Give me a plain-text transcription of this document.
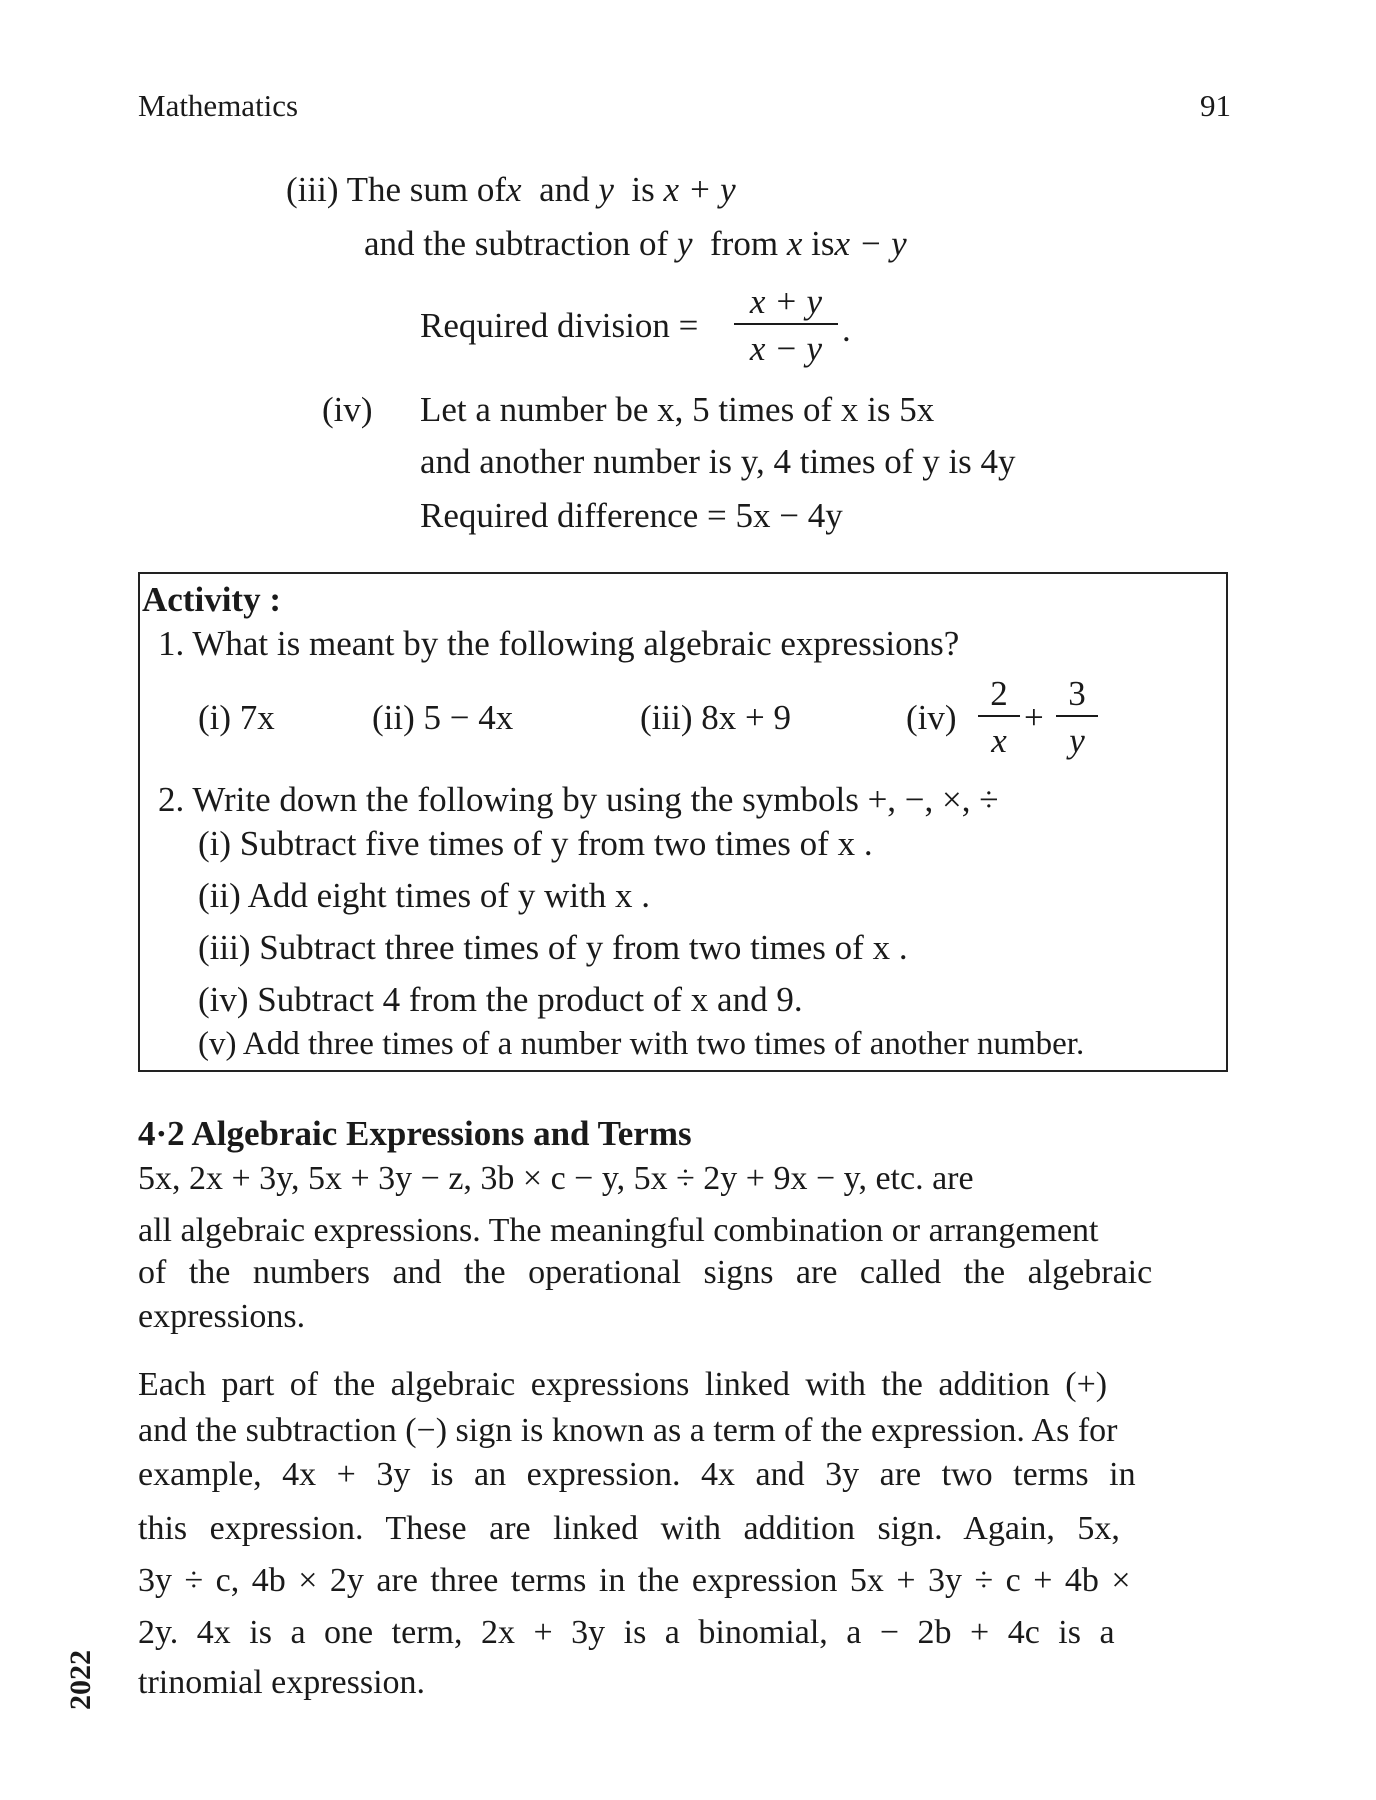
Mathematics	91
(iii) The sum ofx and y is x + y
and the subtraction of y from x isx − y
Required division = $\frac{x + y}{x - y}$ .
(iv) Let a number be x, 5 times of x is 5x
and another number is y, 4 times of y is 4y
Required difference = 5x − 4y
Activity :
1. What is meant by the following algebraic expressions?
(i) 7x	(ii) 5 − 4x	(iii) 8x + 9	$(iv) \frac{2}{x} + \frac{3}{y}$
2. Write down the following by using the symbols +, −, ×, ÷
(i) Subtract five times of y from two times of x .
(ii) Add eight times of y with x .
(iii) Subtract three times of y from two times of x .
(iv) Subtract 4 from the product of x and 9.
(v) Add three times of a number with two times of another number.
4·2 Algebraic Expressions and Terms
5x, 2x + 3y, 5x + 3y − z, 3b × c − y, 5x ÷ 2y + 9x − y, etc. are
all algebraic expressions. The meaningful combination or arrangement
of the numbers and the operational signs are called the algebraic
expressions.
Each part of the algebraic expressions linked with the addition (+)
and the subtraction (−) sign is known as a term of the expression. As for
example, 4x + 3y is an expression. 4x and 3y are two terms in
this expression. These are linked with addition sign. Again, 5x,
3y ÷ c, 4b × 2y are three terms in the expression 5x + 3y ÷ c + 4b ×
2y. 4x is a one term, 2x + 3y is a binomial, a − 2b + 4c is a
trinomial expression.
2022
